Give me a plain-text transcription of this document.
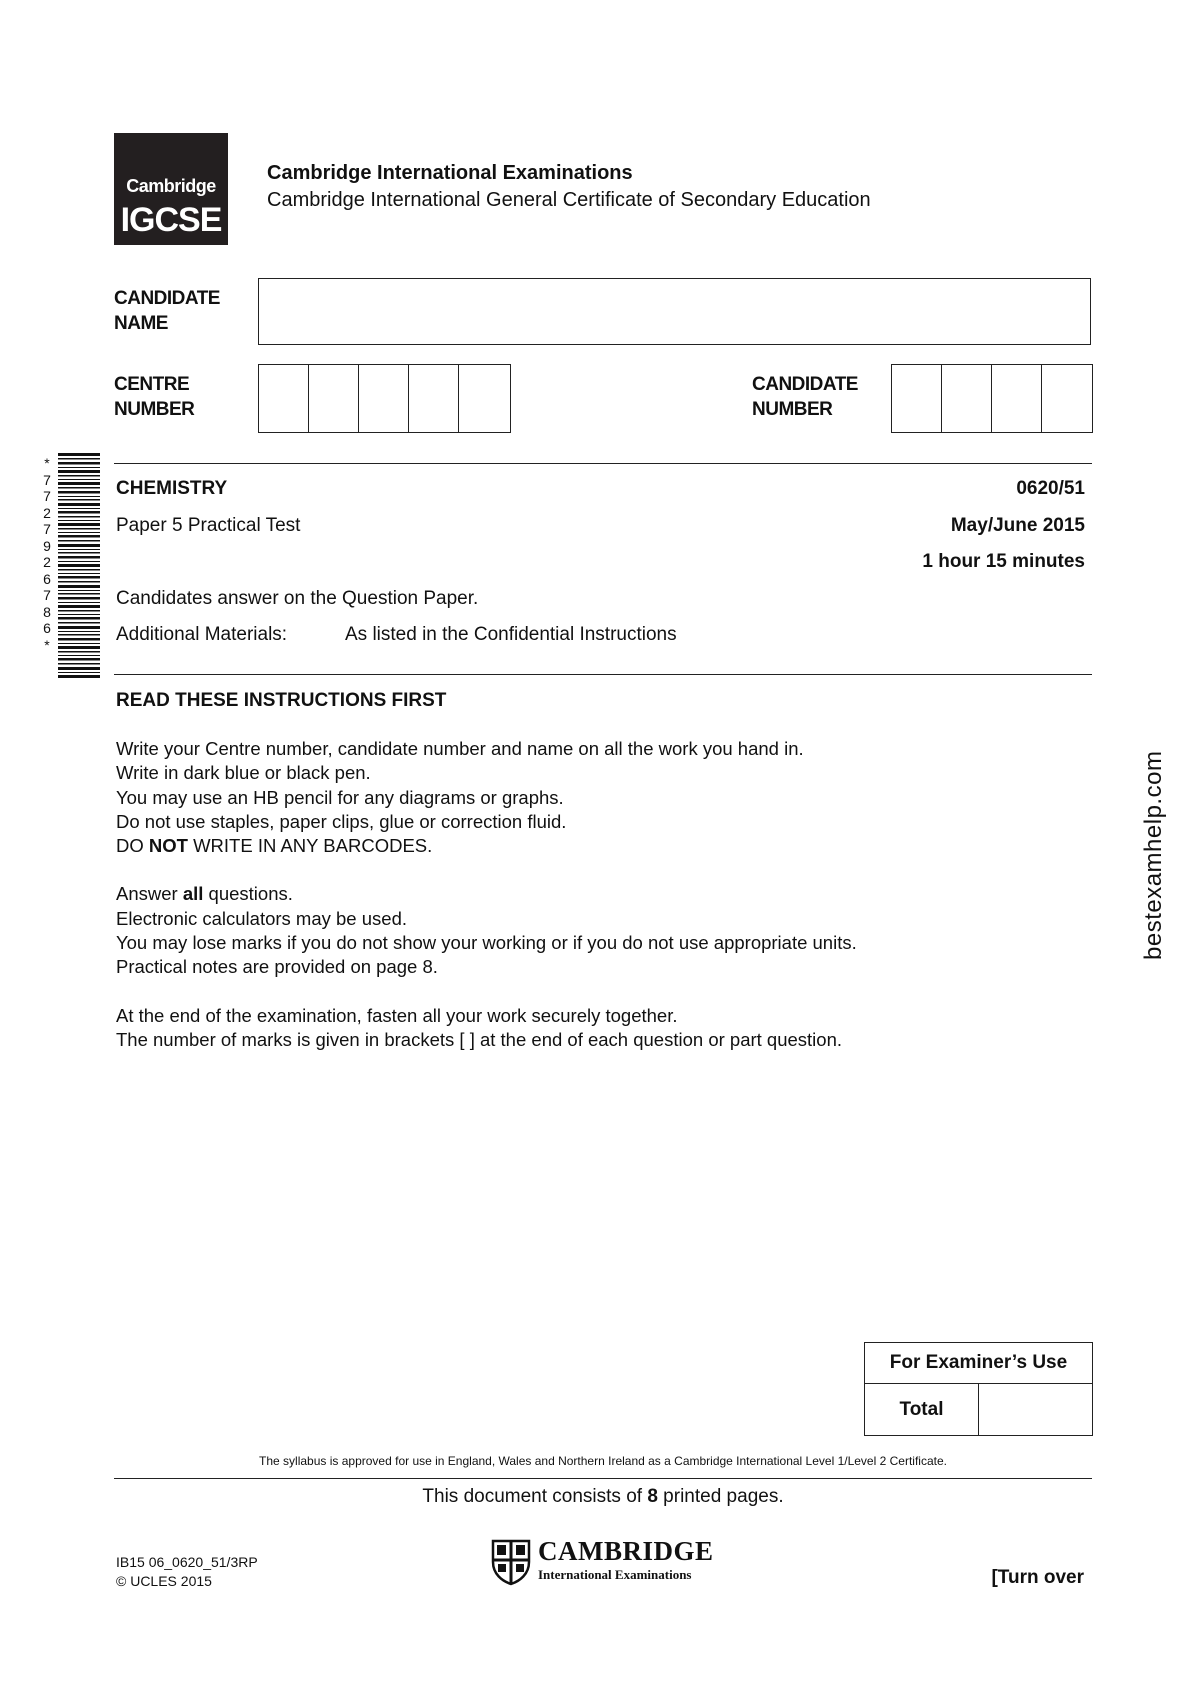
Cambridge
IGCSE
Cambridge International Examinations
Cambridge International General Certificate of Secondary Education
CANDIDATE
NAME
CENTRE
NUMBER
CANDIDATE
NUMBER
*
7
7
2
7
9
2
6
7
8
6
*
CHEMISTRY	0620/51
Paper 5 Practical Test	May/June 2015
1 hour 15 minutes
Candidates answer on the Question Paper.
Additional Materials:	As listed in the Confidential Instructions
READ THESE INSTRUCTIONS FIRST

Write your Centre number, candidate number and name on all the work you hand in.

Write in dark blue or black pen.

You may use an HB pencil for any diagrams or graphs.

Do not use staples, paper clips, glue or correction fluid.

DO NOT WRITE IN ANY BARCODES.

Answer all questions.

Electronic calculators may be used.

You may lose marks if you do not show your working or if you do not use appropriate units.

Practical notes are provided on page 8.

At the end of the examination, fasten all your work securely together.

The number of marks is given in brackets [ ] at the end of each question or part question.

bestexamhelp.com
For Examiner’s Use
Total
The syllabus is approved for use in England, Wales and Northern Ireland as a Cambridge International Level 1/Level 2 Certificate.
This document consists of 8 printed pages.
IB15 06_0620_51/3RP
© UCLES 2015
CAMBRIDGE
International Examinations	[Turn over
